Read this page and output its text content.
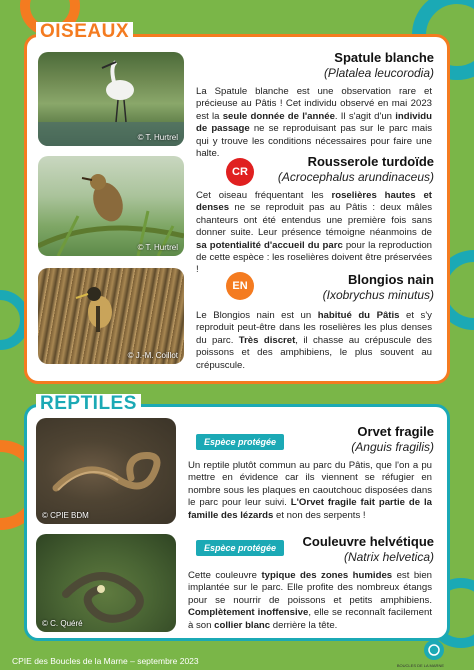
OISEAUX
© T. Hurtrel
Spatule blanche
(Platalea leucorodia)
La Spatule blanche est une observation rare et précieuse au Pâtis ! Cet individu observé en mai 2023 est la seule donnée de l'année. Il s'agit d'un individu de passage ne se reproduisant pas sur le parc mais qui y trouve les conditions nécessaires pour faire une halte.
© T. Hurtrel
CR
Rousserole turdoïde
(Acrocephalus arundinaceus)
Cet oiseau fréquentant les roselières hautes et denses ne se reproduit pas au Pâtis : deux mâles chanteurs ont été entendus une première fois sans donner suite. Leur présence témoigne néanmoins de sa potentialité d'accueil du parc pour la reproduction de cette espèce : les roselières doivent être préservées !
© J.-M. Coillot
EN	Blongios nain
(Ixobrychus minutus)
Le Blongios nain est un habitué du Pâtis et s'y reproduit peut-être dans les roselières les plus denses du parc. Très discret, il chasse au crépuscule des poissons et des amphibiens, le plus souvent au crépuscule.
REPTILES
© CPIE BDM
Espèce protégée
Orvet fragile
(Anguis fragilis)
Un reptile plutôt commun au parc du Pâtis, que l'on a pu mettre en évidence car ils viennent se réfugier en nombre sous les plaques en caoutchouc disposées dans le parc pour leur suivi. L'Orvet fragile fait partie de la famille des lézards et non des serpents !
© C. Quéré
Espèce protégée	Couleuvre helvétique
(Natrix helvetica)
Cette couleuvre typique des zones humides est bien implantée sur le parc. Elle profite des nombreux étangs pour se nourrir de poissons et petits amphibiens. Complètement inoffensive, elle se reconnaît facilement à son collier blanc derrière la tête.
BOUCLES DE LA MARNE
CPIE des Boucles de la Marne – septembre 2023
